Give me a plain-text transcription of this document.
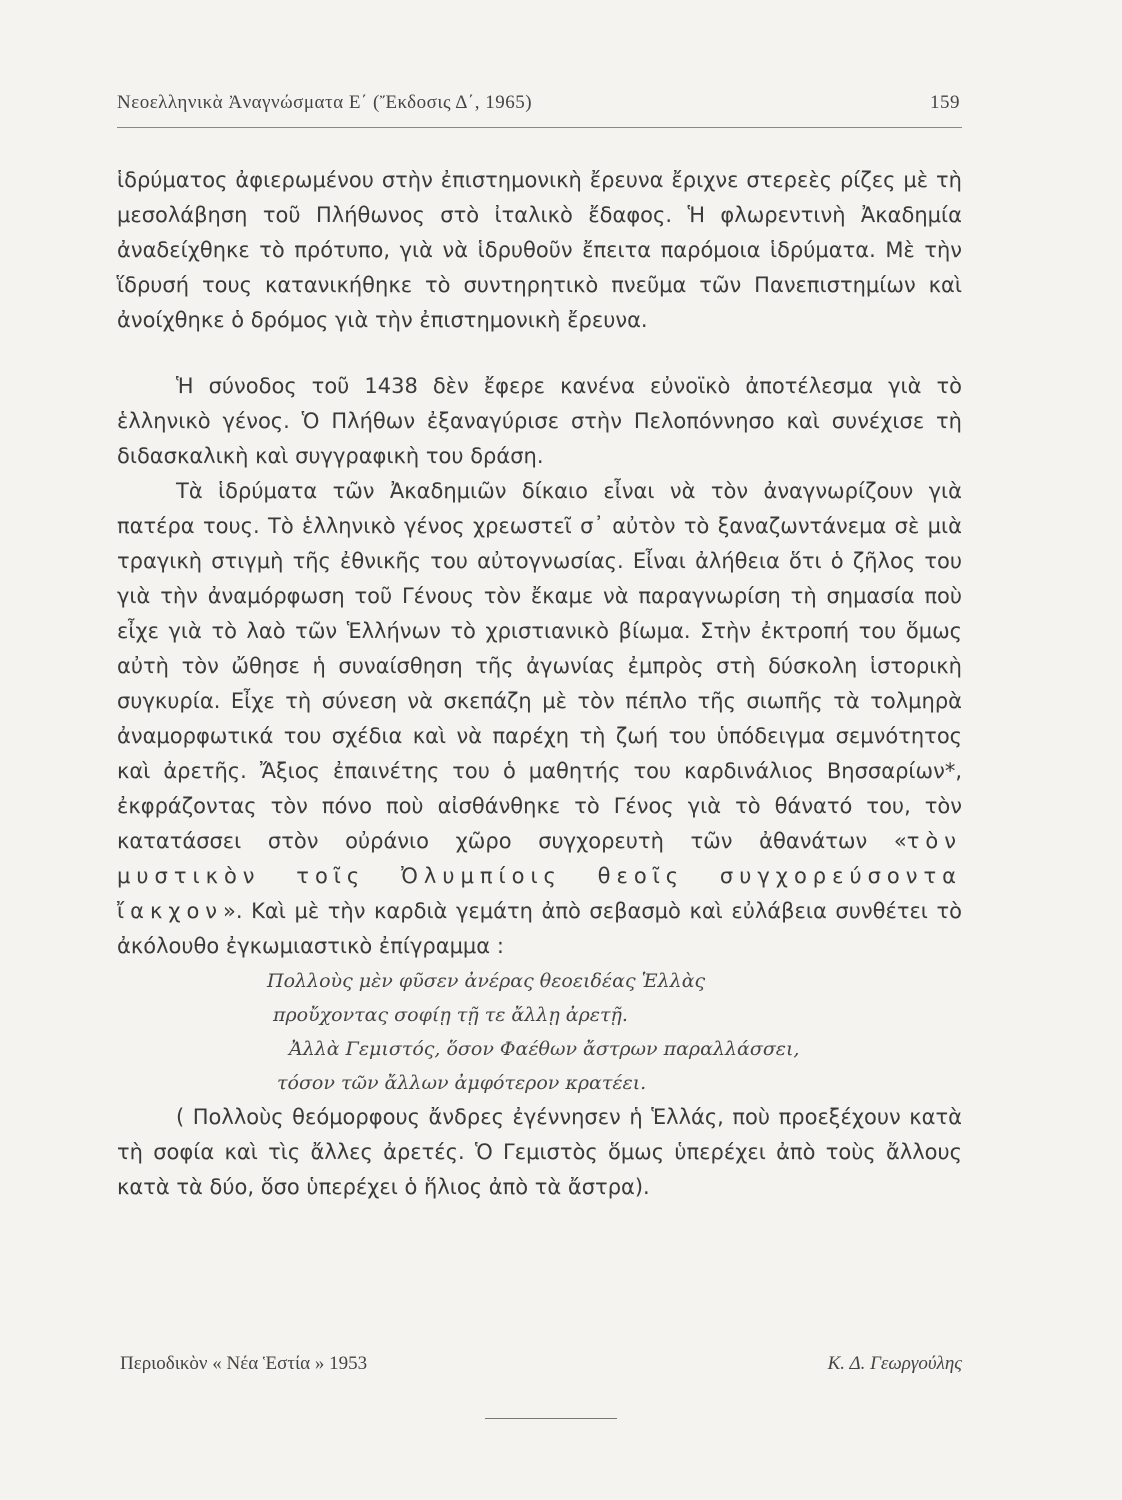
Νεοελληνικὰ Ἀναγνώσματα Ε΄ (Ἔκδοσις Δ΄, 1965)	159

ἱδρύματος ἀφιερωμένου στὴν ἐπιστημονικὴ ἔρευνα ἔριχνε στερεὲς ρίζες μὲ τὴ μεσολάβηση τοῦ Πλήθωνος στὸ ἰταλικὸ ἔδαφος. Ἡ φλωρεντινὴ Ἀκαδημία ἀναδείχθηκε τὸ πρότυπο, γιὰ νὰ ἱδρυθοῦν ἔπειτα παρόμοια ἱδρύματα. Μὲ τὴν ἵδρυσή τους κατανικήθηκε τὸ συντηρητικὸ πνεῦμα τῶν Πανεπιστημίων καὶ ἀνοίχθηκε ὁ δρόμος γιὰ τὴν ἐπιστημονικὴ ἔρευνα.

Ἡ σύνοδος τοῦ 1438 δὲν ἔφερε κανένα εὐνοϊκὸ ἀποτέλεσμα γιὰ τὸ ἑλληνικὸ γένος. Ὁ Πλήθων ἐξαναγύρισε στὴν Πελοπόννησο καὶ συνέχισε τὴ διδασκαλικὴ καὶ συγγραφικὴ του δράση.

Τὰ ἱδρύματα τῶν Ἀκαδημιῶν δίκαιο εἶναι νὰ τὸν ἀναγνωρίζουν γιὰ πατέρα τους. Τὸ ἑλληνικὸ γένος χρεωστεῖ σ᾿ αὐτὸν τὸ ξαναζωντάνεμα σὲ μιὰ τραγικὴ στιγμὴ τῆς ἐθνικῆς του αὐτογνωσίας. Εἶναι ἀλήθεια ὅτι ὁ ζῆλος του γιὰ τὴν ἀναμόρφωση τοῦ Γένους τὸν ἔκαμε νὰ παραγνωρίση τὴ σημασία ποὺ εἶχε γιὰ τὸ λαὸ τῶν Ἑλλήνων τὸ χριστιανικὸ βίωμα. Στὴν ἐκτροπή του ὅμως αὐτὴ τὸν ὤθησε ἡ συναίσθηση τῆς ἀγωνίας ἐμπρὸς στὴ δύσκολη ἱστορικὴ συγκυρία. Εἶχε τὴ σύνεση νὰ σκεπάζη μὲ τὸν πέπλο τῆς σιωπῆς τὰ τολμηρὰ ἀναμορφωτικά του σχέδια καὶ νὰ παρέχη τὴ ζωή του ὑπόδειγμα σεμνότητος καὶ ἀρετῆς. Ἄξιος ἐπαινέτης του ὁ μαθητής του καρδινάλιος Βησσαρίων*, ἐκφράζοντας τὸν πόνο ποὺ αἰσθάνθηκε τὸ Γένος γιὰ τὸ θάνατό του, τὸν κατατάσσει στὸν οὐράνιο χῶρο συγχορευτὴ τῶν ἀθανάτων «τὸν μυστικὸν τοῖς Ὀλυμπίοις θεοῖς συγχορεύσοντα ἴακχον». Καὶ μὲ τὴν καρδιὰ γεμάτη ἀπὸ σεβασμὸ καὶ εὐλάβεια συνθέτει τὸ ἀκόλουθο ἐγκωμιαστικὸ ἐπίγραμμα :

Πολλοὺς μὲν φῦσεν ἀνέρας θεοειδέας Ἑλλὰς
προὔχοντας σοφίῃ τῇ τε ἄλλῃ ἀρετῇ.
Ἀλλὰ Γεμιστός, ὅσον Φαέθων ἄστρων παραλλάσσει,
τόσον τῶν ἄλλων ἀμφότερον κρατέει.

( Πολλοὺς θεόμορφους ἄνδρες ἐγέννησεν ἡ Ἑλλάς, ποὺ προεξέχουν κατὰ τὴ σοφία καὶ τὶς ἄλλες ἀρετές. Ὁ Γεμιστὸς ὅμως ὑπερέχει ἀπὸ τοὺς ἄλλους κατὰ τὰ δύο, ὅσο ὑπερέχει ὁ ἥλιος ἀπὸ τὰ ἄστρα).

Περιοδικὸν « Νέα Ἑστία » 1953	Κ. Δ. Γεωργούλης
